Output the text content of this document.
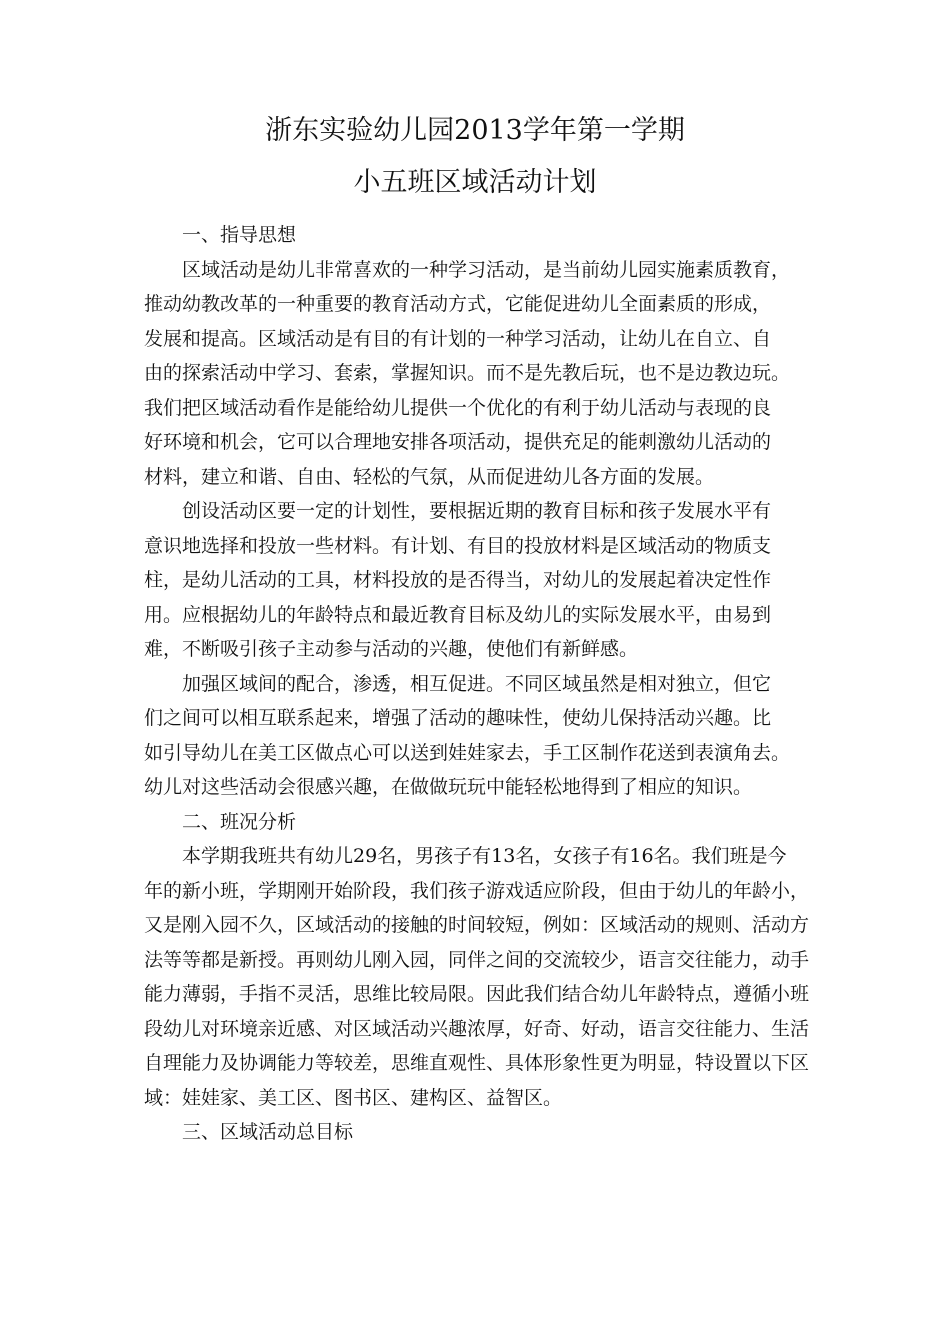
浙东实验幼儿园2013学年第一学期
小五班区域活动计划

一、指导思想

区域活动是幼儿非常喜欢的一种学习活动，是当前幼儿园实施素质教育，

推动幼教改革的一种重要的教育活动方式，它能促进幼儿全面素质的形成，

发展和提高。区域活动是有目的有计划的一种学习活动，让幼儿在自立、自

由的探索活动中学习、套索，掌握知识。而不是先教后玩，也不是边教边玩。

我们把区域活动看作是能给幼儿提供一个优化的有利于幼儿活动与表现的良

好环境和机会，它可以合理地安排各项活动，提供充足的能刺激幼儿活动的

材料，建立和谐、自由、轻松的气氛，从而促进幼儿各方面的发展。

创设活动区要一定的计划性，要根据近期的教育目标和孩子发展水平有

意识地选择和投放一些材料。有计划、有目的投放材料是区域活动的物质支

柱，是幼儿活动的工具，材料投放的是否得当，对幼儿的发展起着决定性作

用。应根据幼儿的年龄特点和最近教育目标及幼儿的实际发展水平，由易到

难，不断吸引孩子主动参与活动的兴趣，使他们有新鲜感。

加强区域间的配合，渗透，相互促进。不同区域虽然是相对独立，但它

们之间可以相互联系起来，增强了活动的趣味性，使幼儿保持活动兴趣。比

如引导幼儿在美工区做点心可以送到娃娃家去，手工区制作花送到表演角去。

幼儿对这些活动会很感兴趣，在做做玩玩中能轻松地得到了相应的知识。

二、班况分析

本学期我班共有幼儿29名，男孩子有13名，女孩子有16名。我们班是今

年的新小班，学期刚开始阶段，我们孩子游戏适应阶段，但由于幼儿的年龄小，

又是刚入园不久，区域活动的接触的时间较短，例如：区域活动的规则、活动方

法等等都是新授。再则幼儿刚入园，同伴之间的交流较少，语言交往能力，动手

能力薄弱，手指不灵活，思维比较局限。因此我们结合幼儿年龄特点，遵循小班

段幼儿对环境亲近感、对区域活动兴趣浓厚，好奇、好动，语言交往能力、生活

自理能力及协调能力等较差，思维直观性、具体形象性更为明显，特设置以下区

域：娃娃家、美工区、图书区、建构区、益智区。

三、区域活动总目标
